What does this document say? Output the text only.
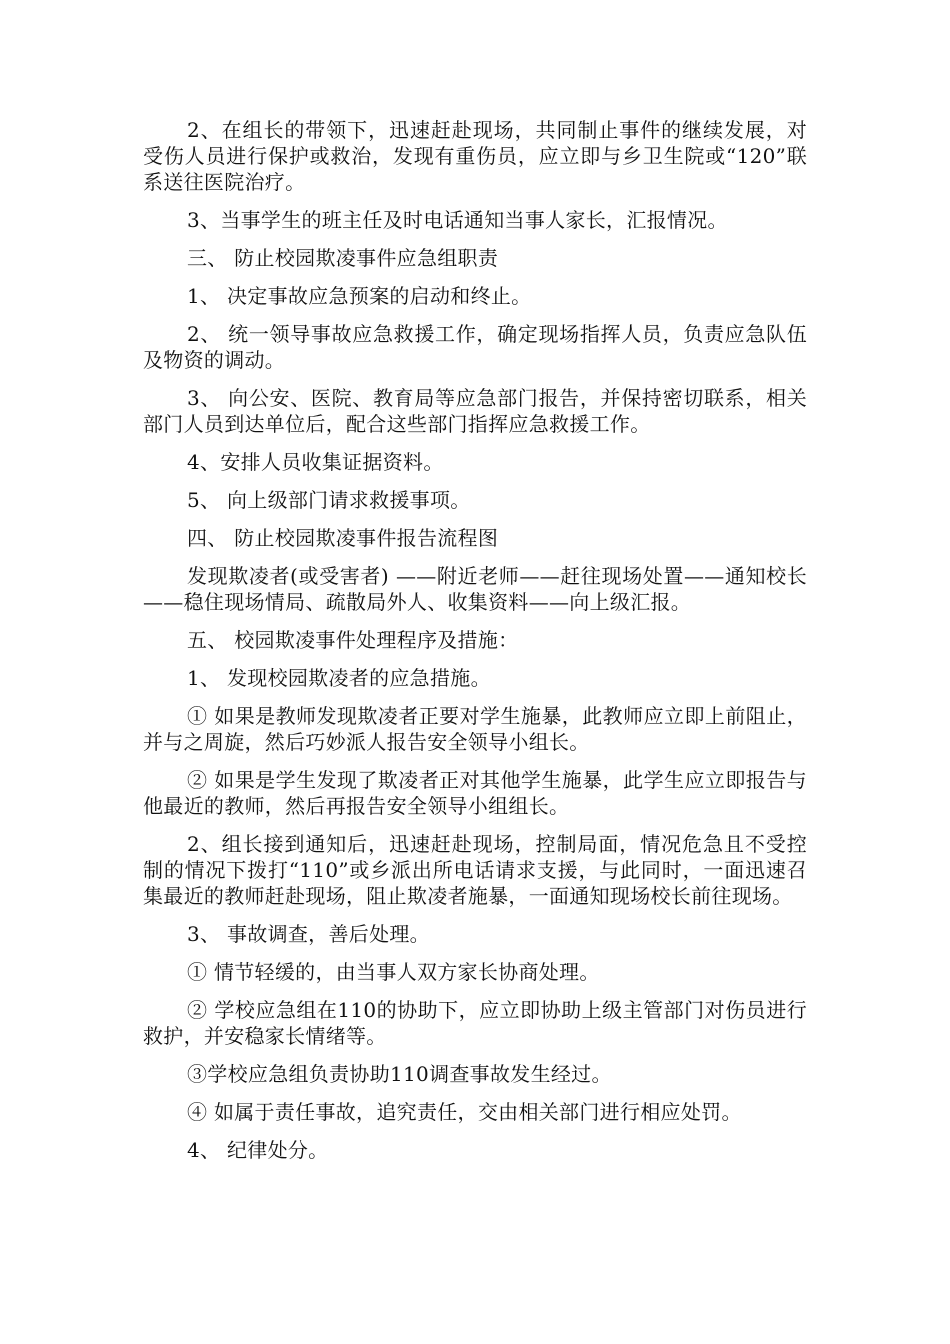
2、在组长的带领下，迅速赶赴现场，共同制止事件的继续发展，对受伤人员进行保护或救治，发现有重伤员，应立即与乡卫生院或“120”联系送往医院治疗。

3、当事学生的班主任及时电话通知当事人家长，汇报情况。

三、 防止校园欺凌事件应急组职责

1、 决定事故应急预案的启动和终止。

2、 统一领导事故应急救援工作，确定现场指挥人员，负责应急队伍及物资的调动。

3、 向公安、医院、教育局等应急部门报告，并保持密切联系，相关部门人员到达单位后，配合这些部门指挥应急救援工作。

4、安排人员收集证据资料。

5、 向上级部门请求救援事项。

四、 防止校园欺凌事件报告流程图

发现欺凌者(或受害者) ——附近老师——赶往现场处置——通知校长——稳住现场情局、疏散局外人、收集资料——向上级汇报。

五、 校园欺凌事件处理程序及措施：

1、 发现校园欺凌者的应急措施。

① 如果是教师发现欺凌者正要对学生施暴，此教师应立即上前阻止，并与之周旋，然后巧妙派人报告安全领导小组长。

② 如果是学生发现了欺凌者正对其他学生施暴，此学生应立即报告与他最近的教师，然后再报告安全领导小组组长。

2、组长接到通知后，迅速赶赴现场，控制局面，情况危急且不受控制的情况下拨打“110”或乡派出所电话请求支援，与此同时，一面迅速召集最近的教师赶赴现场，阻止欺凌者施暴，一面通知现场校长前往现场。

3、 事故调查，善后处理。

① 情节轻缓的，由当事人双方家长协商处理。

② 学校应急组在110的协助下，应立即协助上级主管部门对伤员进行救护，并安稳家长情绪等。

③学校应急组负责协助110调查事故发生经过。

④ 如属于责任事故，追究责任，交由相关部门进行相应处罚。

4、 纪律处分。
